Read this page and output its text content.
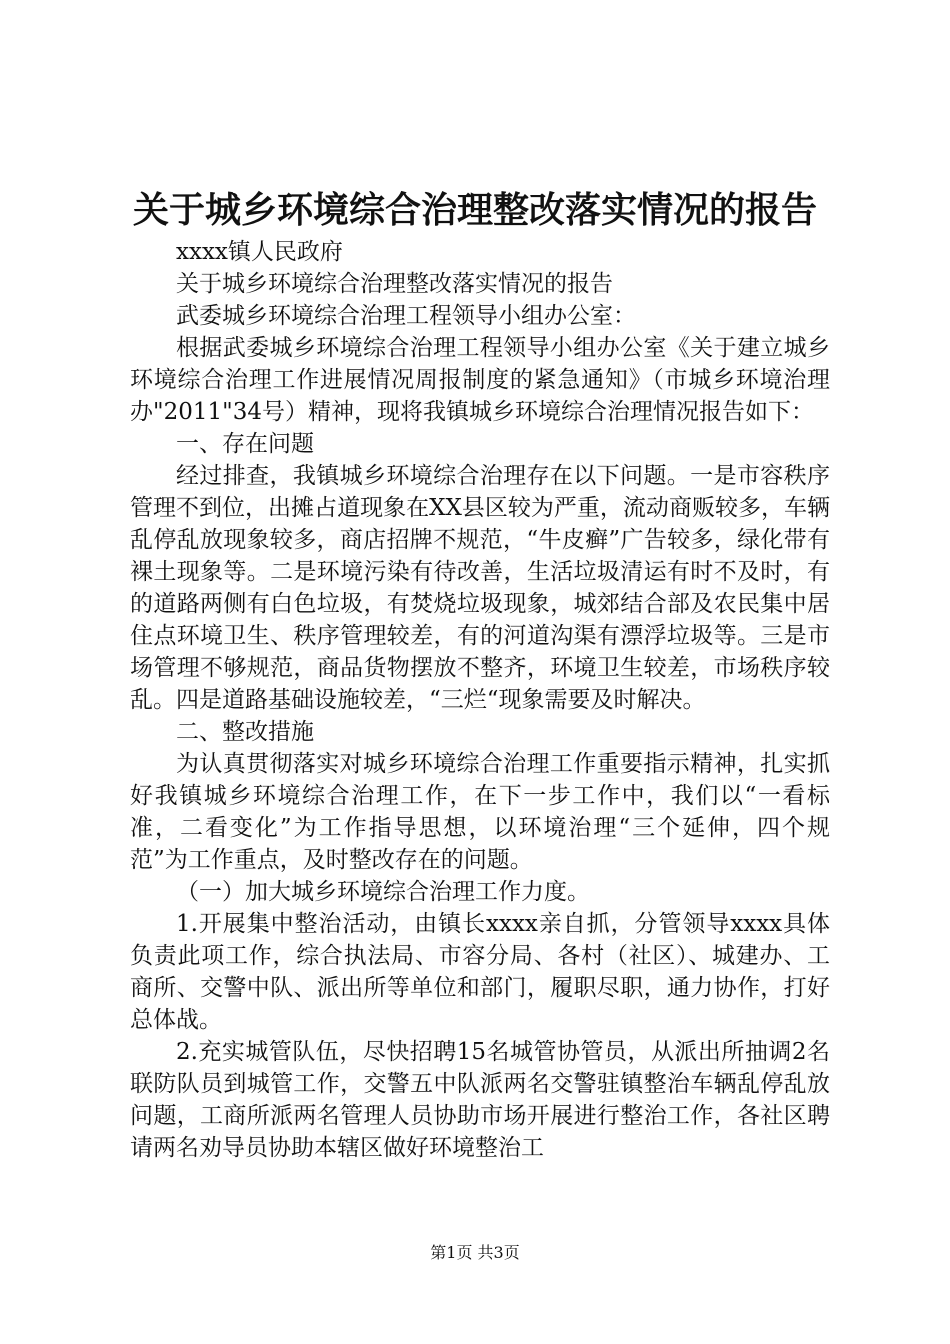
关于城乡环境综合治理整改落实情况的报告

xxxx镇人民政府

关于城乡环境综合治理整改落实情况的报告

武委城乡环境综合治理工程领导小组办公室：

根据武委城乡环境综合治理工程领导小组办公室《关于建立城乡环境综合治理工作进展情况周报制度的紧急通知》（市城乡环境治理办"2011"34号）精神，现将我镇城乡环境综合治理情况报告如下：

一、存在问题

经过排查，我镇城乡环境综合治理存在以下问题。一是市容秩序管理不到位，出摊占道现象在XX县区较为严重，流动商贩较多，车辆乱停乱放现象较多，商店招牌不规范，“牛皮癣”广告较多，绿化带有裸土现象等。二是环境污染有待改善，生活垃圾清运有时不及时，有的道路两侧有白色垃圾，有焚烧垃圾现象，城郊结合部及农民集中居住点环境卫生、秩序管理较差，有的河道沟渠有漂浮垃圾等。三是市场管理不够规范，商品货物摆放不整齐，环境卫生较差，市场秩序较乱。四是道路基础设施较差，“三烂“现象需要及时解决。

二、整改措施

为认真贯彻落实对城乡环境综合治理工作重要指示精神，扎实抓好我镇城乡环境综合治理工作，在下一步工作中，我们以“一看标准，二看变化”为工作指导思想，以环境治理“三个延伸，四个规范”为工作重点，及时整改存在的问题。

（一）加大城乡环境综合治理工作力度。

1.开展集中整治活动，由镇长xxxx亲自抓，分管领导xxxx具体负责此项工作，综合执法局、市容分局、各村（社区）、城建办、工商所、交警中队、派出所等单位和部门，履职尽职，通力协作，打好总体战。

2.充实城管队伍，尽快招聘15名城管协管员，从派出所抽调2名联防队员到城管工作，交警五中队派两名交警驻镇整治车辆乱停乱放问题，工商所派两名管理人员协助市场开展进行整治工作，各社区聘请两名劝导员协助本辖区做好环境整治工

第1页 共3页
